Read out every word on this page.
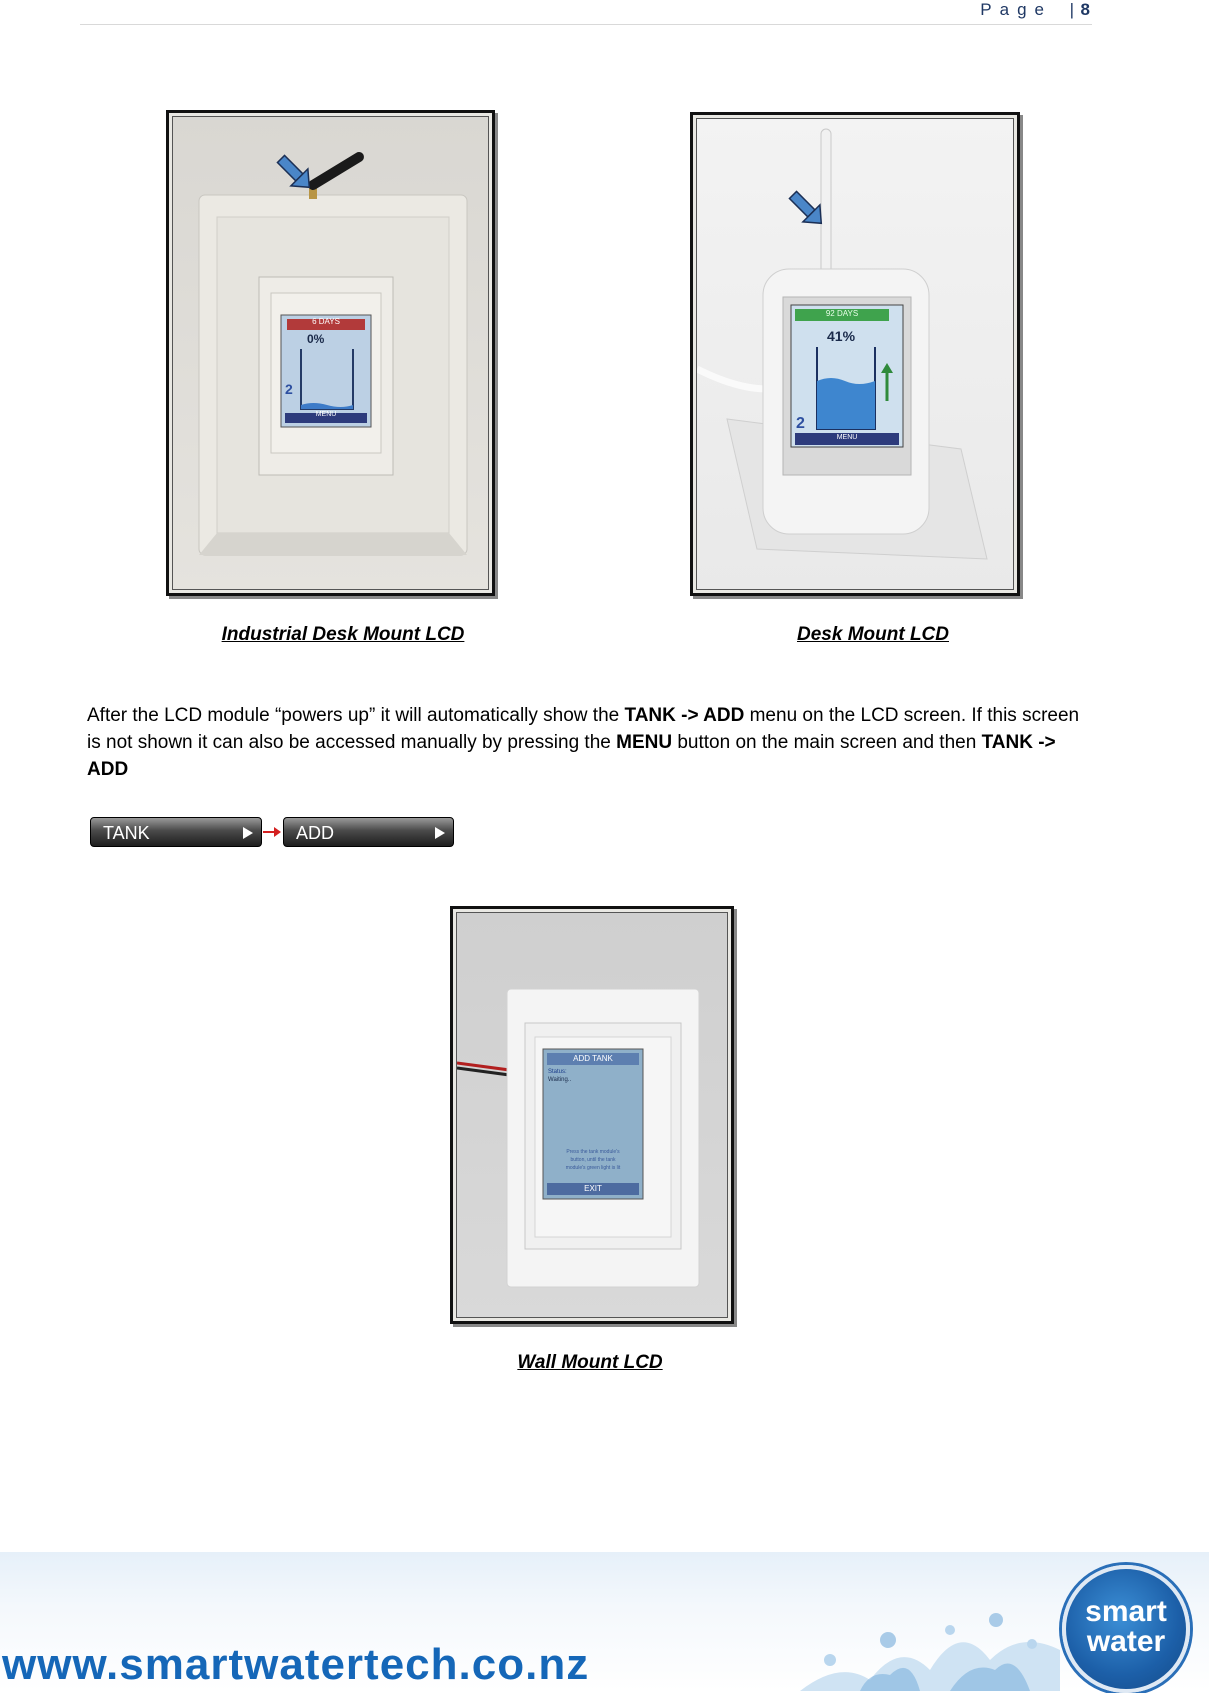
Page | 8
6 DAYS
0%
2
MENU
Industrial Desk Mount LCD
92 DAYS
41%
2
MENU
Desk Mount LCD
After the LCD module “powers up” it will automatically show the TANK -> ADD menu on the LCD screen. If this screen is not shown it can also be accessed manually by pressing the MENU button on the main screen and then TANK -> ADD
TANK	ADD
ADD TANK
Status:
Waiting..
Press the tank module's
button, until the tank
module's green light is lit
EXIT
Wall Mount LCD
www.smartwatertech.co.nz
smart
water
